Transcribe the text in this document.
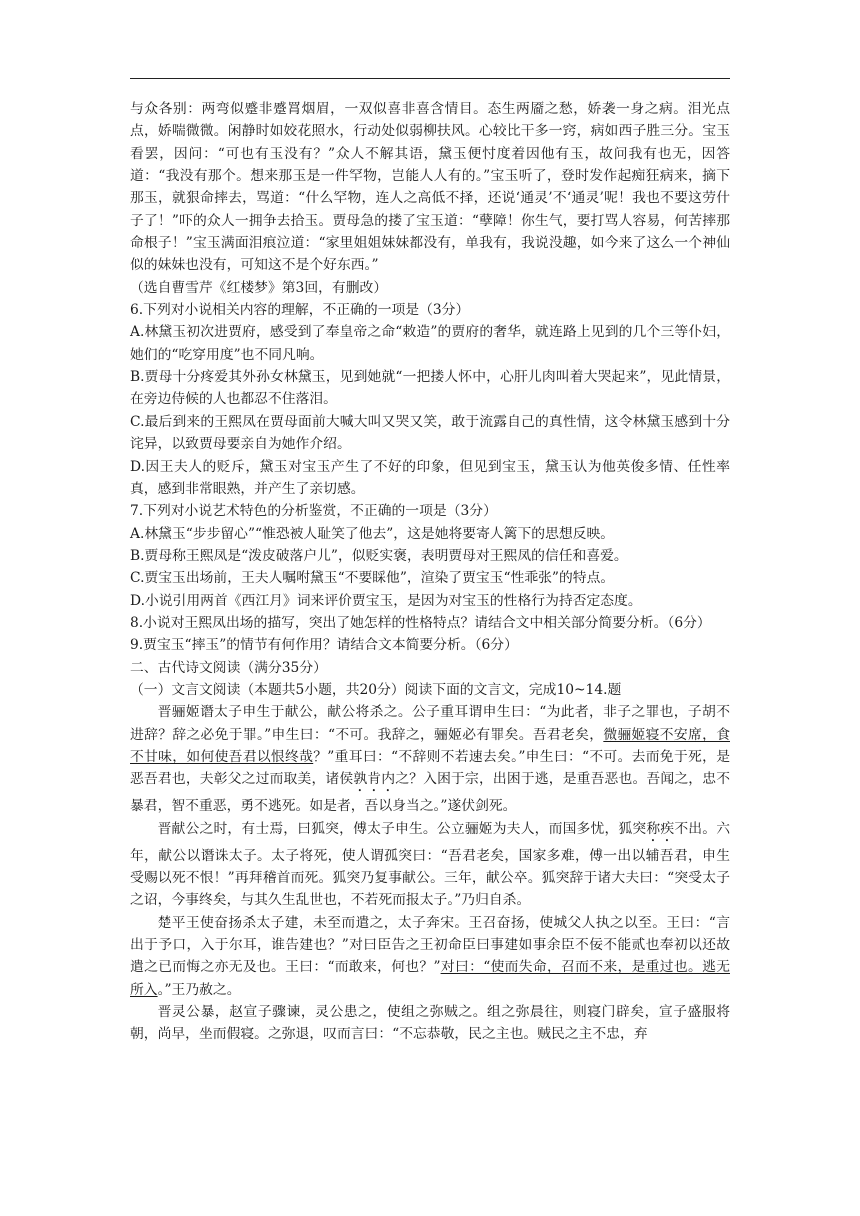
与众各别：两弯似蹙非蹙罥烟眉，一双似喜非喜含情目。态生两靥之愁，娇袭一身之病。泪光点点，娇喘微微。闲静时如姣花照水，行动处似弱柳扶风。心较比干多一窍，病如西子胜三分。宝玉看罢，因问：“可也有玉没有？”众人不解其语，黛玉便忖度着因他有玉，故问我有也无，因答道：“我没有那个。想来那玉是一件罕物，岂能人人有的。”宝玉听了，登时发作起痴狂病来，摘下那玉，就狠命摔去，骂道：“什么罕物，连人之高低不择，还说‘通灵’不‘通灵’呢！我也不要这劳什子了！”吓的众人一拥争去拾玉。贾母急的搂了宝玉道：“孽障！你生气，要打骂人容易，何苦摔那命根子！”宝玉满面泪痕泣道：“家里姐姐妹妹都没有，单我有，我说没趣，如今来了这么一个神仙似的妹妹也没有，可知这不是个好东西。”

（选自曹雪芹《红楼梦》第3回，有删改）

6.下列对小说相关内容的理解，不正确的一项是（3分）

A.林黛玉初次进贾府，感受到了奉皇帝之命“敕造”的贾府的奢华，就连路上见到的几个三等仆妇，她们的“吃穿用度”也不同凡响。

B.贾母十分疼爱其外孙女林黛玉，见到她就“一把搂人怀中，心肝儿肉叫着大哭起来”，见此情景，在旁边侍候的人也都忍不住落泪。

C.最后到来的王熙凤在贾母面前大喊大叫又哭又笑，敢于流露自己的真性情，这令林黛玉感到十分诧异，以致贾母要亲自为她作介绍。

D.因王夫人的贬斥，黛玉对宝玉产生了不好的印象，但见到宝玉，黛玉认为他英俊多情、任性率真，感到非常眼熟，并产生了亲切感。

7.下列对小说艺术特色的分析鉴赏，不正确的一项是（3分）

A.林黛玉“步步留心”“惟恐被人耻笑了他去”，这是她将要寄人篱下的思想反映。

B.贾母称王熙凤是“泼皮破落户儿”，似贬实褒，表明贾母对王熙凤的信任和喜爱。

C.贾宝玉出场前，王夫人嘱咐黛玉“不要睬他”，渲染了贾宝玉“性乖张”的特点。

D.小说引用两首《西江月》词来评价贾宝玉，是因为对宝玉的性格行为持否定态度。

8.小说对王熙凤出场的描写，突出了她怎样的性格特点？请结合文中相关部分简要分析。（6分）

9.贾宝玉“摔玉”的情节有何作用？请结合文本简要分析。（6分）

二、古代诗文阅读（满分35分）

（一）文言文阅读（本题共5小题，共20分）阅读下面的文言文，完成10~14.题

晋骊姬谮太子申生于献公，献公将杀之。公子重耳谓申生曰：“为此者，非子之罪也，子胡不进辞？辞之必免于罪。”申生曰：“不可。我辞之，骊姬必有罪矣。吾君老矣，微骊姬寝不安席，食不甘味，如何使吾君以恨终哉？”重耳曰：“不辞则不若速去矣。”申生曰：“不可。去而免于死，是恶吾君也，夫彰父之过而取美，诸侯孰肯内之？入困于宗，出困于逃，是重吾恶也。吾闻之，忠不暴君，智不重恶，勇不逃死。如是者，吾以身当之。”遂伏剑死。

晋献公之时，有士焉，曰狐突，傅太子申生。公立骊姬为夫人，而国多忧，狐突称疾不出。六年，献公以谮诛太子。太子将死，使人谓孤突曰：“吾君老矣，国家多难，傅一出以辅吾君，申生受赐以死不恨！”再拜稽首而死。狐突乃复事献公。三年，献公卒。狐突辞于诸大夫曰：“突受太子之诏，今事终矣，与其久生乱世也，不若死而报太子。”乃归自杀。

楚平王使奋扬杀太子建，未至而遣之，太子奔宋。王召奋扬，使城父人执之以至。王曰：“言出于予口，入于尔耳，谁告建也？”对曰臣告之王初命臣曰事建如事余臣不佞不能贰也奉初以还故遣之已而悔之亦无及也。王曰：“而敢来，何也？”对曰：“使而失命，召而不来，是重过也。逃无所入。”王乃赦之。

晋灵公暴，赵宣子骤谏，灵公患之，使组之弥贼之。组之弥晨往，则寝门辟矣，宣子盛服将朝，尚早，坐而假寝。之弥退，叹而言曰：“不忘恭敬，民之主也。贼民之主不忠，弃
